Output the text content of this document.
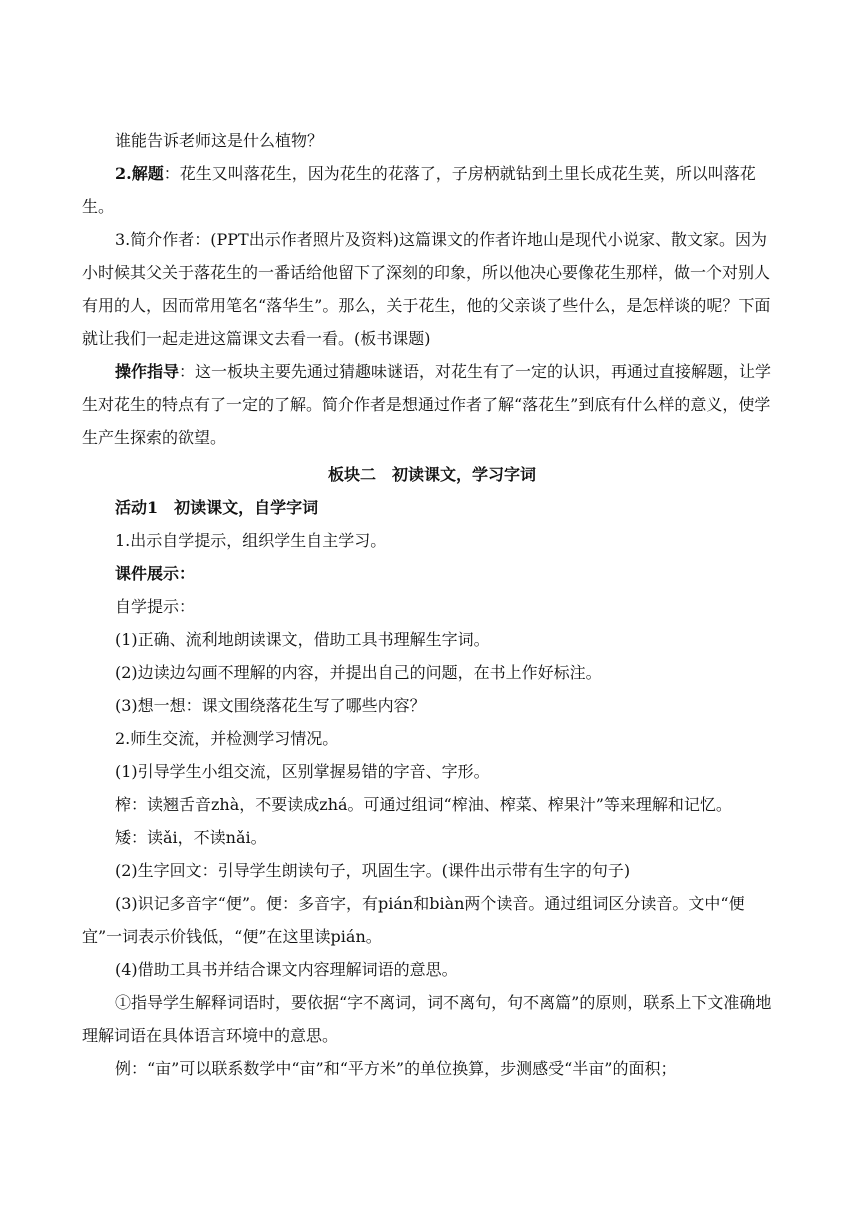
谁能告诉老师这是什么植物？

2.解题：花生又叫落花生，因为花生的花落了，子房柄就钻到土里长成花生荚，所以叫落花生。

3.简介作者：(PPT出示作者照片及资料)这篇课文的作者许地山是现代小说家、散文家。因为小时候其父关于落花生的一番话给他留下了深刻的印象，所以他决心要像花生那样，做一个对别人有用的人，因而常用笔名“落华生”。那么，关于花生，他的父亲谈了些什么，是怎样谈的呢？下面就让我们一起走进这篇课文去看一看。(板书课题)

操作指导：这一板块主要先通过猜趣味谜语，对花生有了一定的认识，再通过直接解题，让学生对花生的特点有了一定的了解。简介作者是想通过作者了解“落花生”到底有什么样的意义，使学生产生探索的欲望。

板块二　初读课文，学习字词

活动1　初读课文，自学字词

1.出示自学提示，组织学生自主学习。

课件展示：

自学提示：

(1)正确、流利地朗读课文，借助工具书理解生字词。

(2)边读边勾画不理解的内容，并提出自己的问题，在书上作好标注。

(3)想一想：课文围绕落花生写了哪些内容？

2.师生交流，并检测学习情况。

(1)引导学生小组交流，区别掌握易错的字音、字形。

榨：读翘舌音zhà，不要读成zhá。可通过组词“榨油、榨菜、榨果汁”等来理解和记忆。

矮：读ǎi，不读nǎi。

(2)生字回文：引导学生朗读句子，巩固生字。(课件出示带有生字的句子)

(3)识记多音字“便”。便：多音字，有pián和biàn两个读音。通过组词区分读音。文中“便宜”一词表示价钱低，“便”在这里读pián。

(4)借助工具书并结合课文内容理解词语的意思。

①指导学生解释词语时，要依据“字不离词，词不离句，句不离篇”的原则，联系上下文准确地理解词语在具体语言环境中的意思。

例：“亩”可以联系数学中“亩”和“平方米”的单位换算，步测感受“半亩”的面积；
